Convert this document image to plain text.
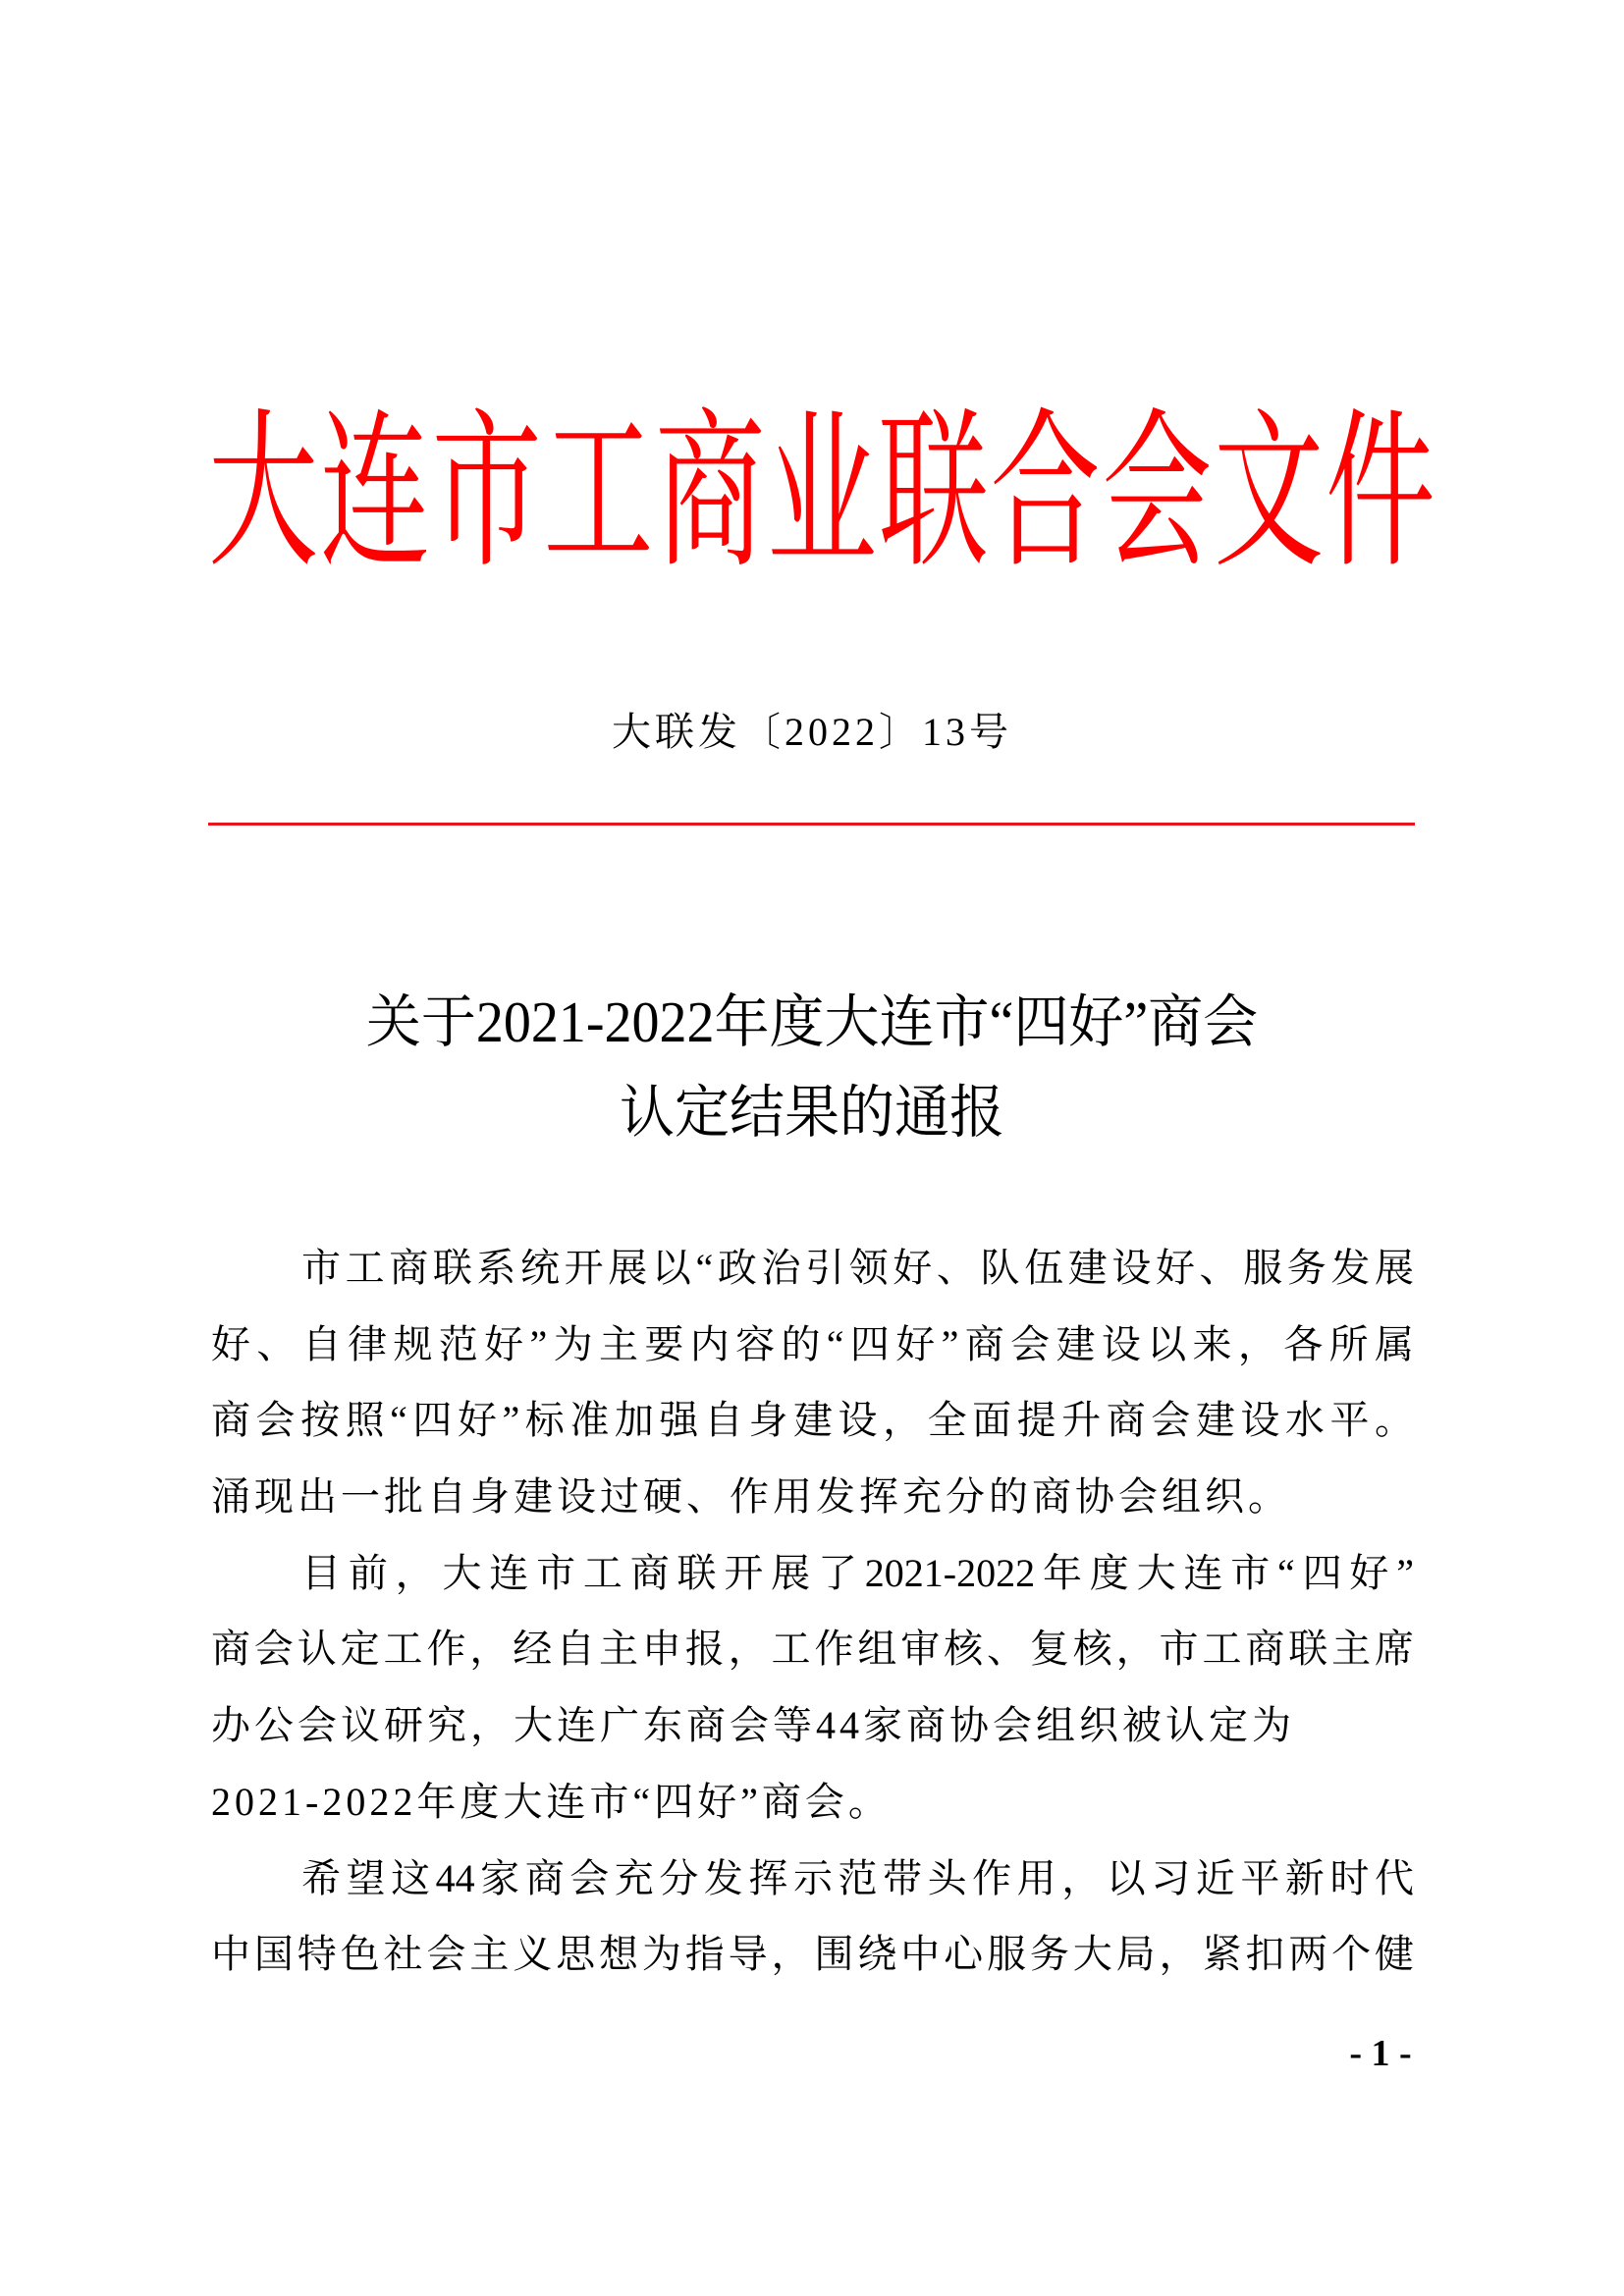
大连市工商业联合会文件
大联发〔2022〕13号
关于2021-2022年度大连市“四好”商会
认定结果的通报
市工商联系统开展以“政治引领好、队伍建设好、服务发展
好、自律规范好”为主要内容的“四好”商会建设以来，各所属
商会按照“四好”标准加强自身建设，全面提升商会建设水平。
涌现出一批自身建设过硬、作用发挥充分的商协会组织。
目前，大连市工商联开展了2021-2022年度大连市“四好”
商会认定工作，经自主申报，工作组审核、复核，市工商联主席
办公会议研究，大连广东商会等44家商协会组织被认定为
2021-2022年度大连市“四好”商会。
希望这44家商会充分发挥示范带头作用，以习近平新时代
中国特色社会主义思想为指导，围绕中心服务大局，紧扣两个健
- 1 -
